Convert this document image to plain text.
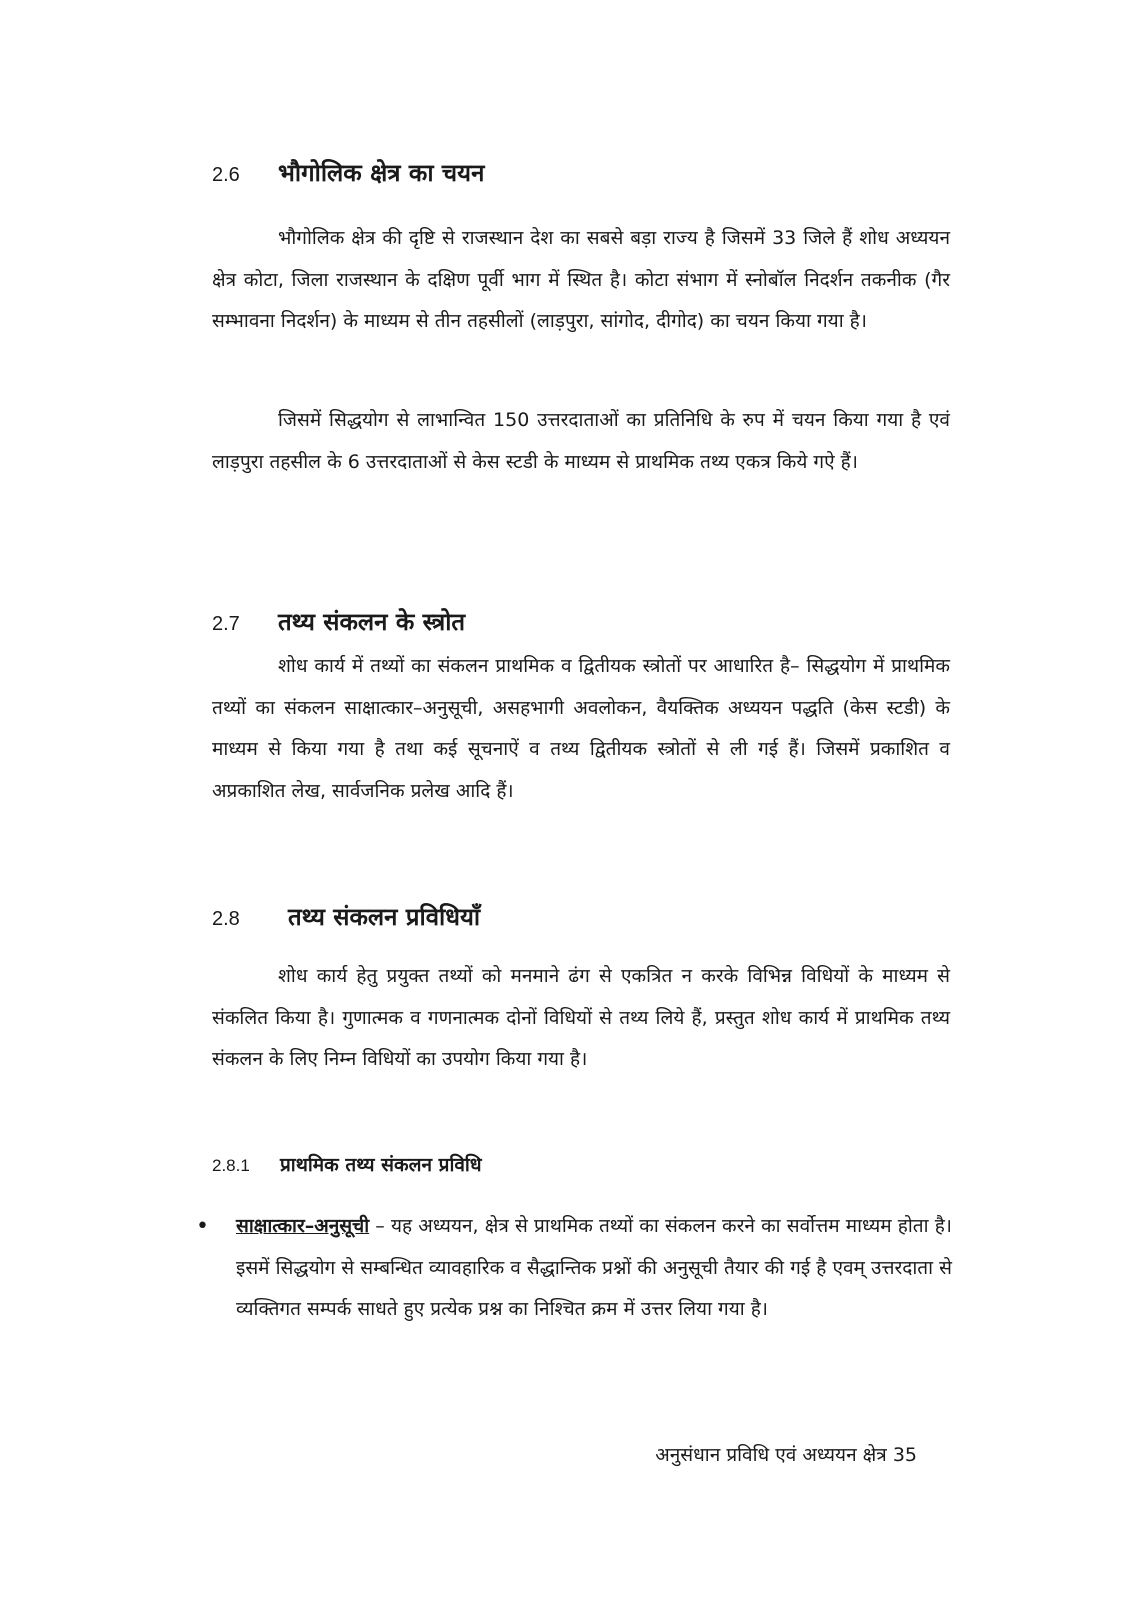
2.6	भौगोलिक क्षेत्र का चयन

भौगोलिक क्षेत्र की दृष्टि से राजस्थान देश का सबसे बड़ा राज्य है जिसमें 33 जिले हैं शोध अध्ययन क्षेत्र कोटा, जिला राजस्थान के दक्षिण पूर्वी भाग में स्थित है। कोटा संभाग में स्नोबॉल निदर्शन तकनीक (गैर सम्भावना निदर्शन) के माध्यम से तीन तहसीलों (लाड़पुरा, सांगोद, दीगोद) का चयन किया गया है।

जिसमें सिद्धयोग से लाभान्वित 150 उत्तरदाताओं का प्रतिनिधि के रुप में चयन किया गया है एवं लाड़पुरा तहसील के 6 उत्तरदाताओं से केस स्टडी के माध्यम से प्राथमिक तथ्य एकत्र किये गऐ हैं।

2.7	तथ्य संकलन के स्त्रोत

शोध कार्य में तथ्यों का संकलन प्राथमिक व द्वितीयक स्त्रोतों पर आधारित है– सिद्धयोग में प्राथमिक तथ्यों का संकलन साक्षात्कार–अनुसूची, असहभागी अवलोकन, वैयक्तिक अध्ययन पद्धति (केस स्टडी) के माध्यम से किया गया है तथा कई सूचनाऐं व तथ्य द्वितीयक स्त्रोतों से ली गई हैं। जिसमें प्रकाशित व अप्रकाशित लेख, सार्वजनिक प्रलेख आदि हैं।

2.8	तथ्य संकलन प्रविधियाँ

शोध कार्य हेतु प्रयुक्त तथ्यों को मनमाने ढंग से एकत्रित न करके विभिन्न विधियों के माध्यम से संकलित किया है। गुणात्मक व गणनात्मक दोनों विधियों से तथ्य लिये हैं, प्रस्तुत शोध कार्य में प्राथमिक तथ्य संकलन के लिए निम्न विधियों का उपयोग किया गया है।

2.8.1	प्राथमिक तथ्य संकलन प्रविधि
•	साक्षात्कार–अनुसूची – यह अध्ययन, क्षेत्र से प्राथमिक तथ्यों का संकलन करने का सर्वोत्तम माध्यम होता है। इसमें सिद्धयोग से सम्बन्धित व्यावहारिक व सैद्धान्तिक प्रश्नों की अनुसूची तैयार की गई है एवम् उत्तरदाता से व्यक्तिगत सम्पर्क साधते हुए प्रत्येक प्रश्न का निश्चित क्रम में उत्तर लिया गया है।

अनुसंधान प्रविधि एवं अध्ययन क्षेत्र 35
